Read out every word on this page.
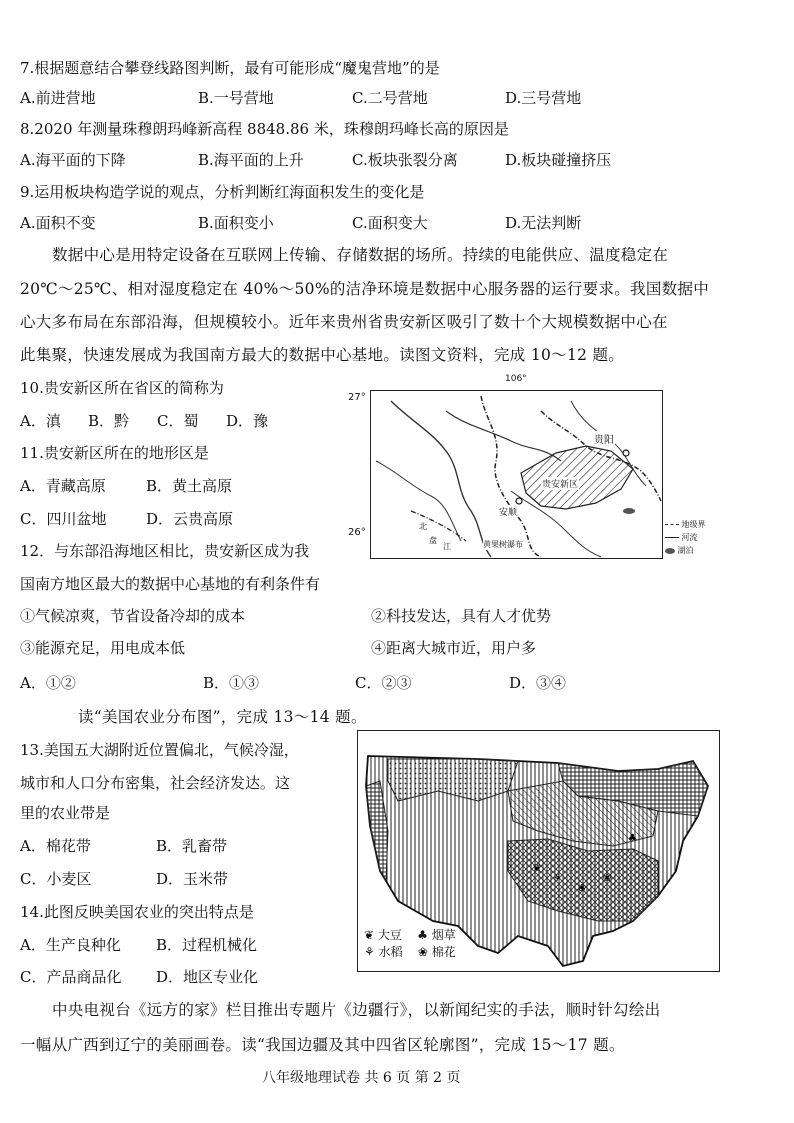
7.根据题意结合攀登线路图判断，最有可能形成“魔鬼营地”的是
A.前进营地	B.一号营地	C.二号营地	D.三号营地
8.2020 年测量珠穆朗玛峰新高程 8848.86 米，珠穆朗玛峰长高的原因是
A.海平面的下降	B.海平面的上升	C.板块张裂分离	D.板块碰撞挤压
9.运用板块构造学说的观点，分析判断红海面积发生的变化是
A.面积不变	B.面积变小	C.面积变大	D.无法判断
数据中心是用特定设备在互联网上传输、存储数据的场所。持续的电能供应、温度稳定在
20℃～25℃、相对湿度稳定在 40%～50%的洁净环境是数据中心服务器的运行要求。我国数据中
心大多布局在东部沿海，但规模较小。近年来贵州省贵安新区吸引了数十个大规模数据中心在
此集聚，快速发展成为我国南方最大的数据中心基地。读图文资料，完成 10～12 题。
10.贵安新区所在省区的简称为
A．滇 B．黔 C．蜀 D．豫
11.贵安新区所在的地形区是
A．青藏高原	B．黄土高原
C．四川盆地	D．云贵高原
12．与东部沿海地区相比，贵安新区成为我
国南方地区最大的数据中心基地的有利条件有
①气候凉爽，节省设备冷却的成本	②科技发达，具有人才优势
③能源充足，用电成本低	④距离大城市近，用户多
A．①②	B．①③	C．②③	D．③④
贵阳
贵安新区
安顺
北
盘
江	黄果树瀑布
106°
27°
26°
地级界
河流
湖泊
读“美国农业分布图”，完成 13～14 题。
13.美国五大湖附近位置偏北，气候冷湿，
城市和人口分布密集，社会经济发达。这
里的农业带是
A．棉花带	B．乳畜带
C．小麦区	D．玉米带
14.此图反映美国农业的突出特点是
A．生产良种化 B．过程机械化
C．产品商品化 D．地区专业化
⚘
❀
❀
❦
♣
❦ 大豆 ♣ 烟草
⚘ 水稻 ❀ 棉花
中央电视台《远方的家》栏目推出专题片《边疆行》，以新闻纪实的手法，顺时针勾绘出
一幅从广西到辽宁的美丽画卷。读“我国边疆及其中四省区轮廓图”，完成 15～17 题。
八年级地理试卷 共 6 页 第 2 页
